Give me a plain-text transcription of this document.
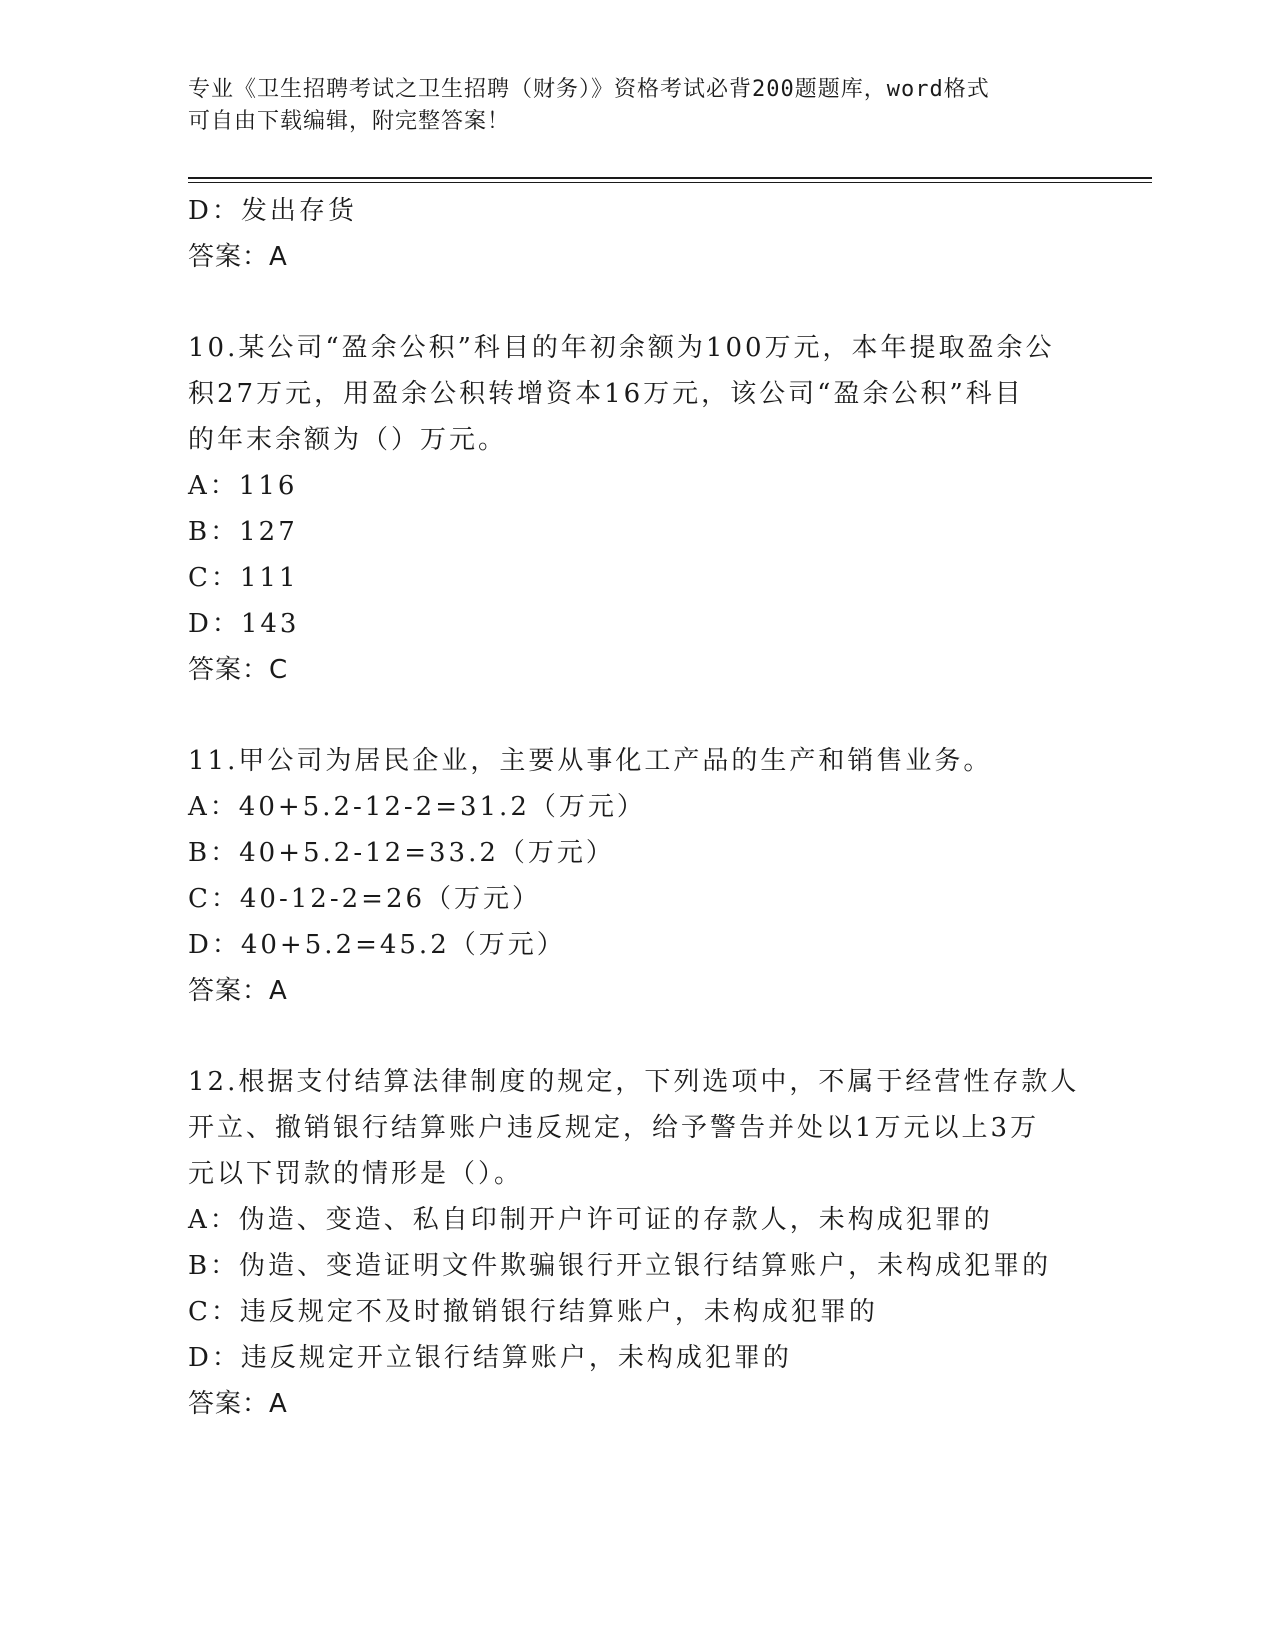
专业《卫生招聘考试之卫生招聘（财务）》资格考试必背200题题库，word格式
可自由下载编辑，附完整答案！
D：发出存货
答案：A
10.某公司“盈余公积”科目的年初余额为100万元，本年提取盈余公
积27万元，用盈余公积转增资本16万元，该公司“盈余公积”科目
的年末余额为（）万元。
A：116
B：127
C：111
D：143
答案：C
11.甲公司为居民企业，主要从事化工产品的生产和销售业务。
A：40+5.2-12-2=31.2（万元）
B：40+5.2-12=33.2（万元）
C：40-12-2=26（万元）
D：40+5.2=45.2（万元）
答案：A
12.根据支付结算法律制度的规定，下列选项中，不属于经营性存款人
开立、撤销银行结算账户违反规定，给予警告并处以1万元以上3万
元以下罚款的情形是（）。
A：伪造、变造、私自印制开户许可证的存款人，未构成犯罪的
B：伪造、变造证明文件欺骗银行开立银行结算账户，未构成犯罪的
C：违反规定不及时撤销银行结算账户，未构成犯罪的
D：违反规定开立银行结算账户，未构成犯罪的
答案：A
